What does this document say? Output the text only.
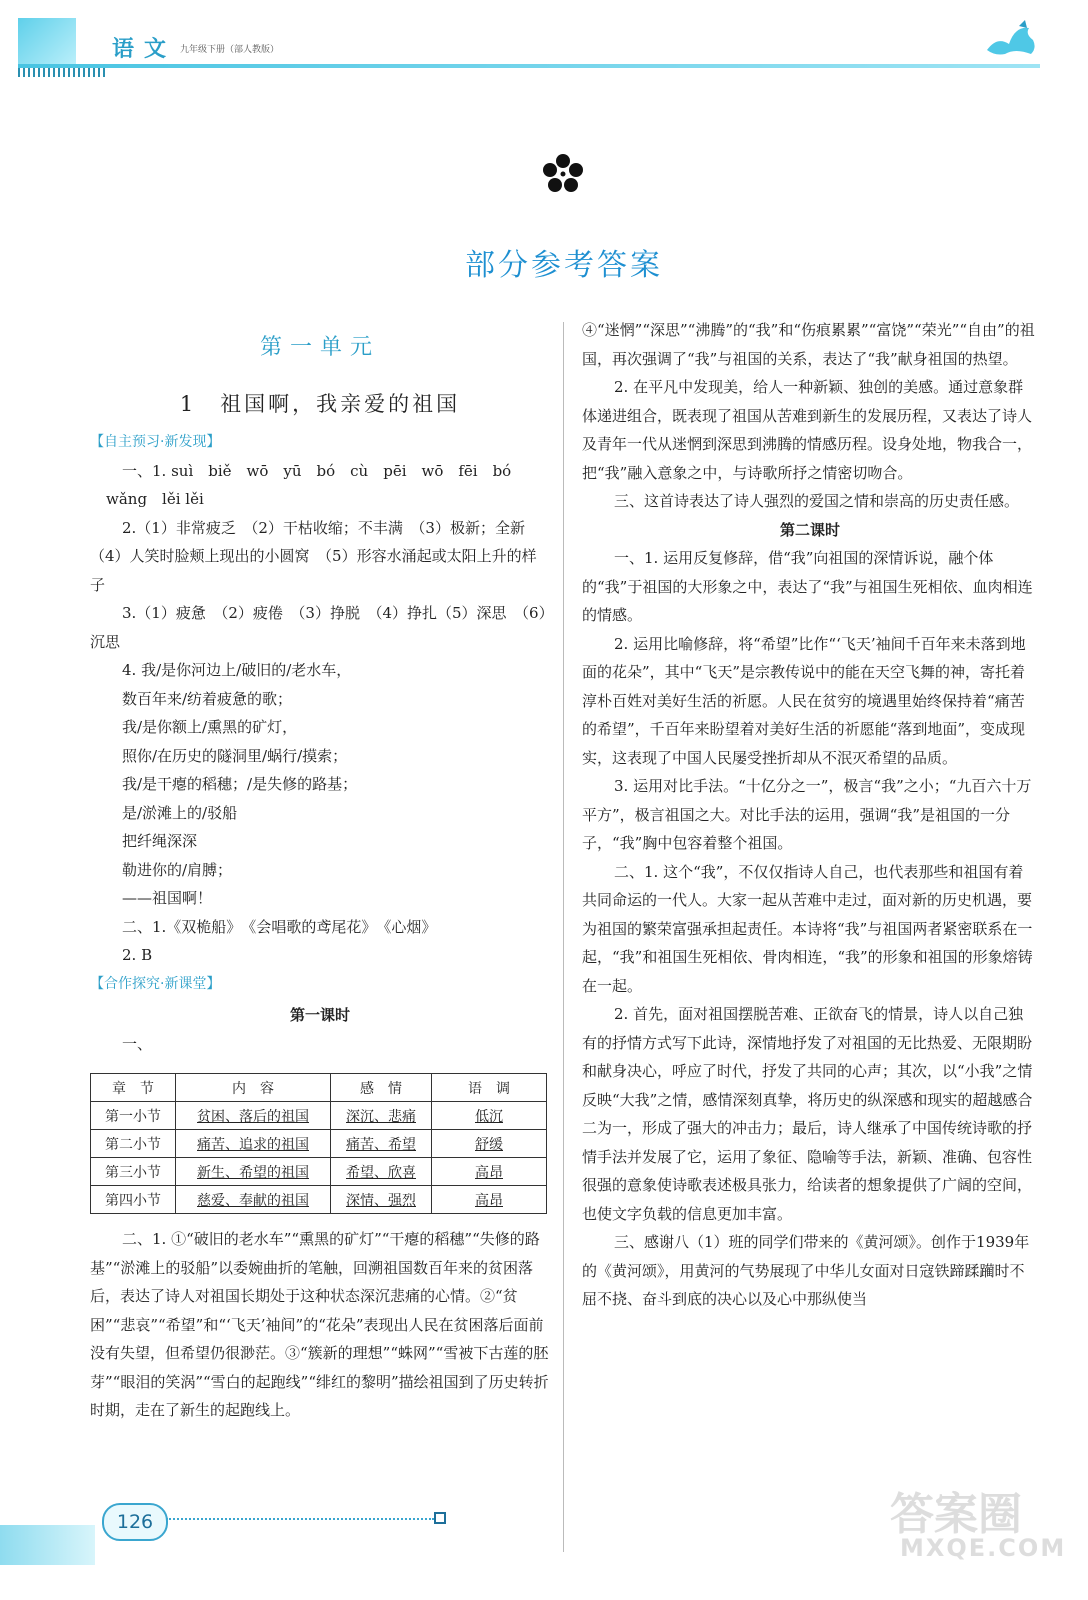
语文 九年级下册（部人教版）
部分参考答案
第一单元
1　祖国啊，我亲爱的祖国

【自主预习·新发现】

一、1. suì　biě　wō　yū　bó　cù　pēi　wō　fēi　bó

wǎng　lěi lěi

2.（1）非常疲乏　（2）干枯收缩；不丰满　（3）极新；全新　（4）人笑时脸颊上现出的小圆窝　（5）形容水涌起或太阳上升的样子

3.（1）疲惫　（2）疲倦　（3）挣脱　（4）挣扎（5）深思　（6）沉思

4. 我/是你河边上/破旧的/老水车，

数百年来/纺着疲惫的歌；

我/是你额上/熏黑的矿灯，

照你/在历史的隧洞里/蜗行/摸索；

我/是干瘪的稻穗；/是失修的路基；

是/淤滩上的/驳船

把纤绳深深

勒进你的/肩膊；

——祖国啊！

二、1.《双桅船》　《会唱歌的鸢尾花》　《心烟》

2. B

【合作探究·新课堂】

第一课时

一、

章　节	内　容	感　情	语　调
第一小节	贫困、落后的祖国	深沉、悲痛	低沉
第二小节	痛苦、追求的祖国	痛苦、希望	舒缓
第三小节	新生、希望的祖国	希望、欣喜	高昂
第四小节	慈爱、奉献的祖国	深情、强烈	高昂

二、1. ①“破旧的老水车”“熏黑的矿灯”“干瘪的稻穗”“失修的路基”“淤滩上的驳船”以委婉曲折的笔触，回溯祖国数百年来的贫困落后，表达了诗人对祖国长期处于这种状态深沉悲痛的心情。②“贫困”“悲哀”“希望”和“‘飞天’袖间”的“花朵”表现出人民在贫困落后面前没有失望，但希望仍很渺茫。③“簇新的理想”“蛛网”“雪被下古莲的胚芽”“眼泪的笑涡”“雪白的起跑线”“绯红的黎明”描绘祖国到了历史转折时期，走在了新生的起跑线上。

④“迷惘”“深思”“沸腾”的“我”和“伤痕累累”“富饶”“荣光”“自由”的祖国，再次强调了“我”与祖国的关系，表达了“我”献身祖国的热望。

2. 在平凡中发现美，给人一种新颖、独创的美感。通过意象群体递进组合，既表现了祖国从苦难到新生的发展历程，又表达了诗人及青年一代从迷惘到深思到沸腾的情感历程。设身处地，物我合一，把“我”融入意象之中，与诗歌所抒之情密切吻合。

三、这首诗表达了诗人强烈的爱国之情和崇高的历史责任感。

第二课时

一、1. 运用反复修辞，借“我”向祖国的深情诉说，融个体的“我”于祖国的大形象之中，表达了“我”与祖国生死相依、血肉相连的情感。

2. 运用比喻修辞，将“希望”比作“‘飞天’袖间千百年来未落到地面的花朵”，其中“飞天”是宗教传说中的能在天空飞舞的神，寄托着淳朴百姓对美好生活的祈愿。人民在贫穷的境遇里始终保持着“痛苦的希望”，千百年来盼望着对美好生活的祈愿能“落到地面”，变成现实，这表现了中国人民屡受挫折却从不泯灭希望的品质。

3. 运用对比手法。“十亿分之一”，极言“我”之小；“九百六十万平方”，极言祖国之大。对比手法的运用，强调“我”是祖国的一分子，“我”胸中包容着整个祖国。

二、1. 这个“我”，不仅仅指诗人自己，也代表那些和祖国有着共同命运的一代人。大家一起从苦难中走过，面对新的历史机遇，要为祖国的繁荣富强承担起责任。本诗将“我”与祖国两者紧密联系在一起，“我”和祖国生死相依、骨肉相连，“我”的形象和祖国的形象熔铸在一起。

2. 首先，面对祖国摆脱苦难、正欲奋飞的情景，诗人以自己独有的抒情方式写下此诗，深情地抒发了对祖国的无比热爱、无限期盼和献身决心，呼应了时代，抒发了共同的心声；其次，以“小我”之情反映“大我”之情，感情深刻真挚，将历史的纵深感和现实的超越感合二为一，形成了强大的冲击力；最后，诗人继承了中国传统诗歌的抒情手法并发展了它，运用了象征、隐喻等手法，新颖、准确、包容性很强的意象使诗歌表述极具张力，给读者的想象提供了广阔的空间，也使文字负载的信息更加丰富。

三、感谢八（1）班的同学们带来的《黄河颂》。创作于1939年的《黄河颂》，用黄河的气势展现了中华儿女面对日寇铁蹄蹂躏时不屈不挠、奋斗到底的决心以及心中那纵使当

126	答案圈
MXQE.COM
